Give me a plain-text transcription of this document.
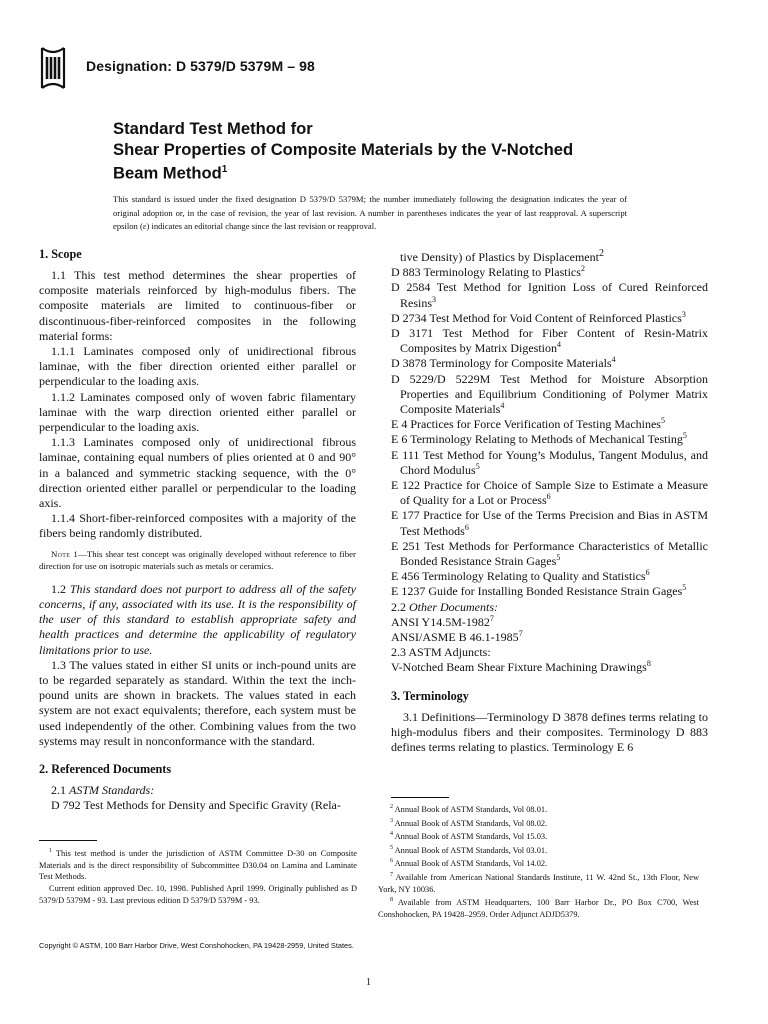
Designation: D 5379/D 5379M – 98
Standard Test Method for
Shear Properties of Composite Materials by the V-Notched
Beam Method$^1$
This standard is issued under the fixed designation D 5379/D 5379M; the number immediately following the designation indicates the year of original adoption or, in the case of revision, the year of last revision. A number in parentheses indicates the year of last reapproval. A superscript epsilon (ε) indicates an editorial change since the last revision or reapproval.
1. Scope
1.1 This test method determines the shear properties of composite materials reinforced by high-modulus fibers. The composite materials are limited to continuous-fiber or discontinuous-fiber-reinforced composites in the following material forms:
1.1.1 Laminates composed only of unidirectional fibrous laminae, with the fiber direction oriented either parallel or perpendicular to the loading axis.
1.1.2 Laminates composed only of woven fabric filamentary laminae with the warp direction oriented either parallel or perpendicular to the loading axis.
1.1.3 Laminates composed only of unidirectional fibrous laminae, containing equal numbers of plies oriented at 0 and 90° in a balanced and symmetric stacking sequence, with the 0° direction oriented either parallel or perpendicular to the loading axis.
1.1.4 Short-fiber-reinforced composites with a majority of the fibers being randomly distributed.
Note 1—This shear test concept was originally developed without reference to fiber direction for use on isotropic materials such as metals or ceramics.
1.2 This standard does not purport to address all of the safety concerns, if any, associated with its use. It is the responsibility of the user of this standard to establish appropriate safety and health practices and determine the applicability of regulatory limitations prior to use.
1.3 The values stated in either SI units or inch-pound units are to be regarded separately as standard. Within the text the inch-pound units are shown in brackets. The values stated in each system are not exact equivalents; therefore, each system must be used independently of the other. Combining values from the two systems may result in nonconformance with the standard.
2. Referenced Documents
2.1 ASTM Standards:
D 792 Test Methods for Density and Specific Gravity (Rela-
tive Density) of Plastics by Displacement$^2$
D 883 Terminology Relating to Plastics$^2$
D 2584 Test Method for Ignition Loss of Cured Reinforced Resins$^3$
D 2734 Test Method for Void Content of Reinforced Plastics$^3$
D 3171 Test Method for Fiber Content of Resin-Matrix Composites by Matrix Digestion$^4$
D 3878 Terminology for Composite Materials$^4$
D 5229/D 5229M Test Method for Moisture Absorption Properties and Equilibrium Conditioning of Polymer Matrix Composite Materials$^4$
E 4 Practices for Force Verification of Testing Machines$^5$
E 6 Terminology Relating to Methods of Mechanical Testing$^5$
E 111 Test Method for Young’s Modulus, Tangent Modulus, and Chord Modulus$^5$
E 122 Practice for Choice of Sample Size to Estimate a Measure of Quality for a Lot or Process$^6$
E 177 Practice for Use of the Terms Precision and Bias in ASTM Test Methods$^6$
E 251 Test Methods for Performance Characteristics of Metallic Bonded Resistance Strain Gages$^5$
E 456 Terminology Relating to Quality and Statistics$^6$
E 1237 Guide for Installing Bonded Resistance Strain Gages$^5$
2.2 Other Documents:
ANSI Y14.5M-1982$^7$
ANSI/ASME B 46.1-1985$^7$
2.3 ASTM Adjuncts:
V-Notched Beam Shear Fixture Machining Drawings$^8$
3. Terminology
3.1 Definitions—Terminology D 3878 defines terms relating to high-modulus fibers and their composites. Terminology D 883 defines terms relating to plastics. Terminology E 6

$^1$ This test method is under the jurisdiction of ASTM Committee D-30 on Composite Materials and is the direct responsibility of Subcommittee D30.04 on Lamina and Laminate Test Methods.

Current edition approved Dec. 10, 1998. Published April 1999. Originally published as D 5379/D 5379M - 93. Last previous edition D 5379/D 5379M - 93.

$^2$ Annual Book of ASTM Standards, Vol 08.01.

$^3$ Annual Book of ASTM Standards, Vol 08.02.

$^4$ Annual Book of ASTM Standards, Vol 15.03.

$^5$ Annual Book of ASTM Standards, Vol 03.01.

$^6$ Annual Book of ASTM Standards, Vol 14.02.

$^7$ Available from American National Standards Institute, 11 W. 42nd St., 13th Floor, New York, NY 10036.

$^8$ Available from ASTM Headquarters, 100 Barr Harbor Dr., PO Box C700, West Conshohocken, PA 19428–2959. Order Adjunct ADJD5379.

Copyright © ASTM, 100 Barr Harbor Drive, West Conshohocken, PA 19428-2959, United States.
1
